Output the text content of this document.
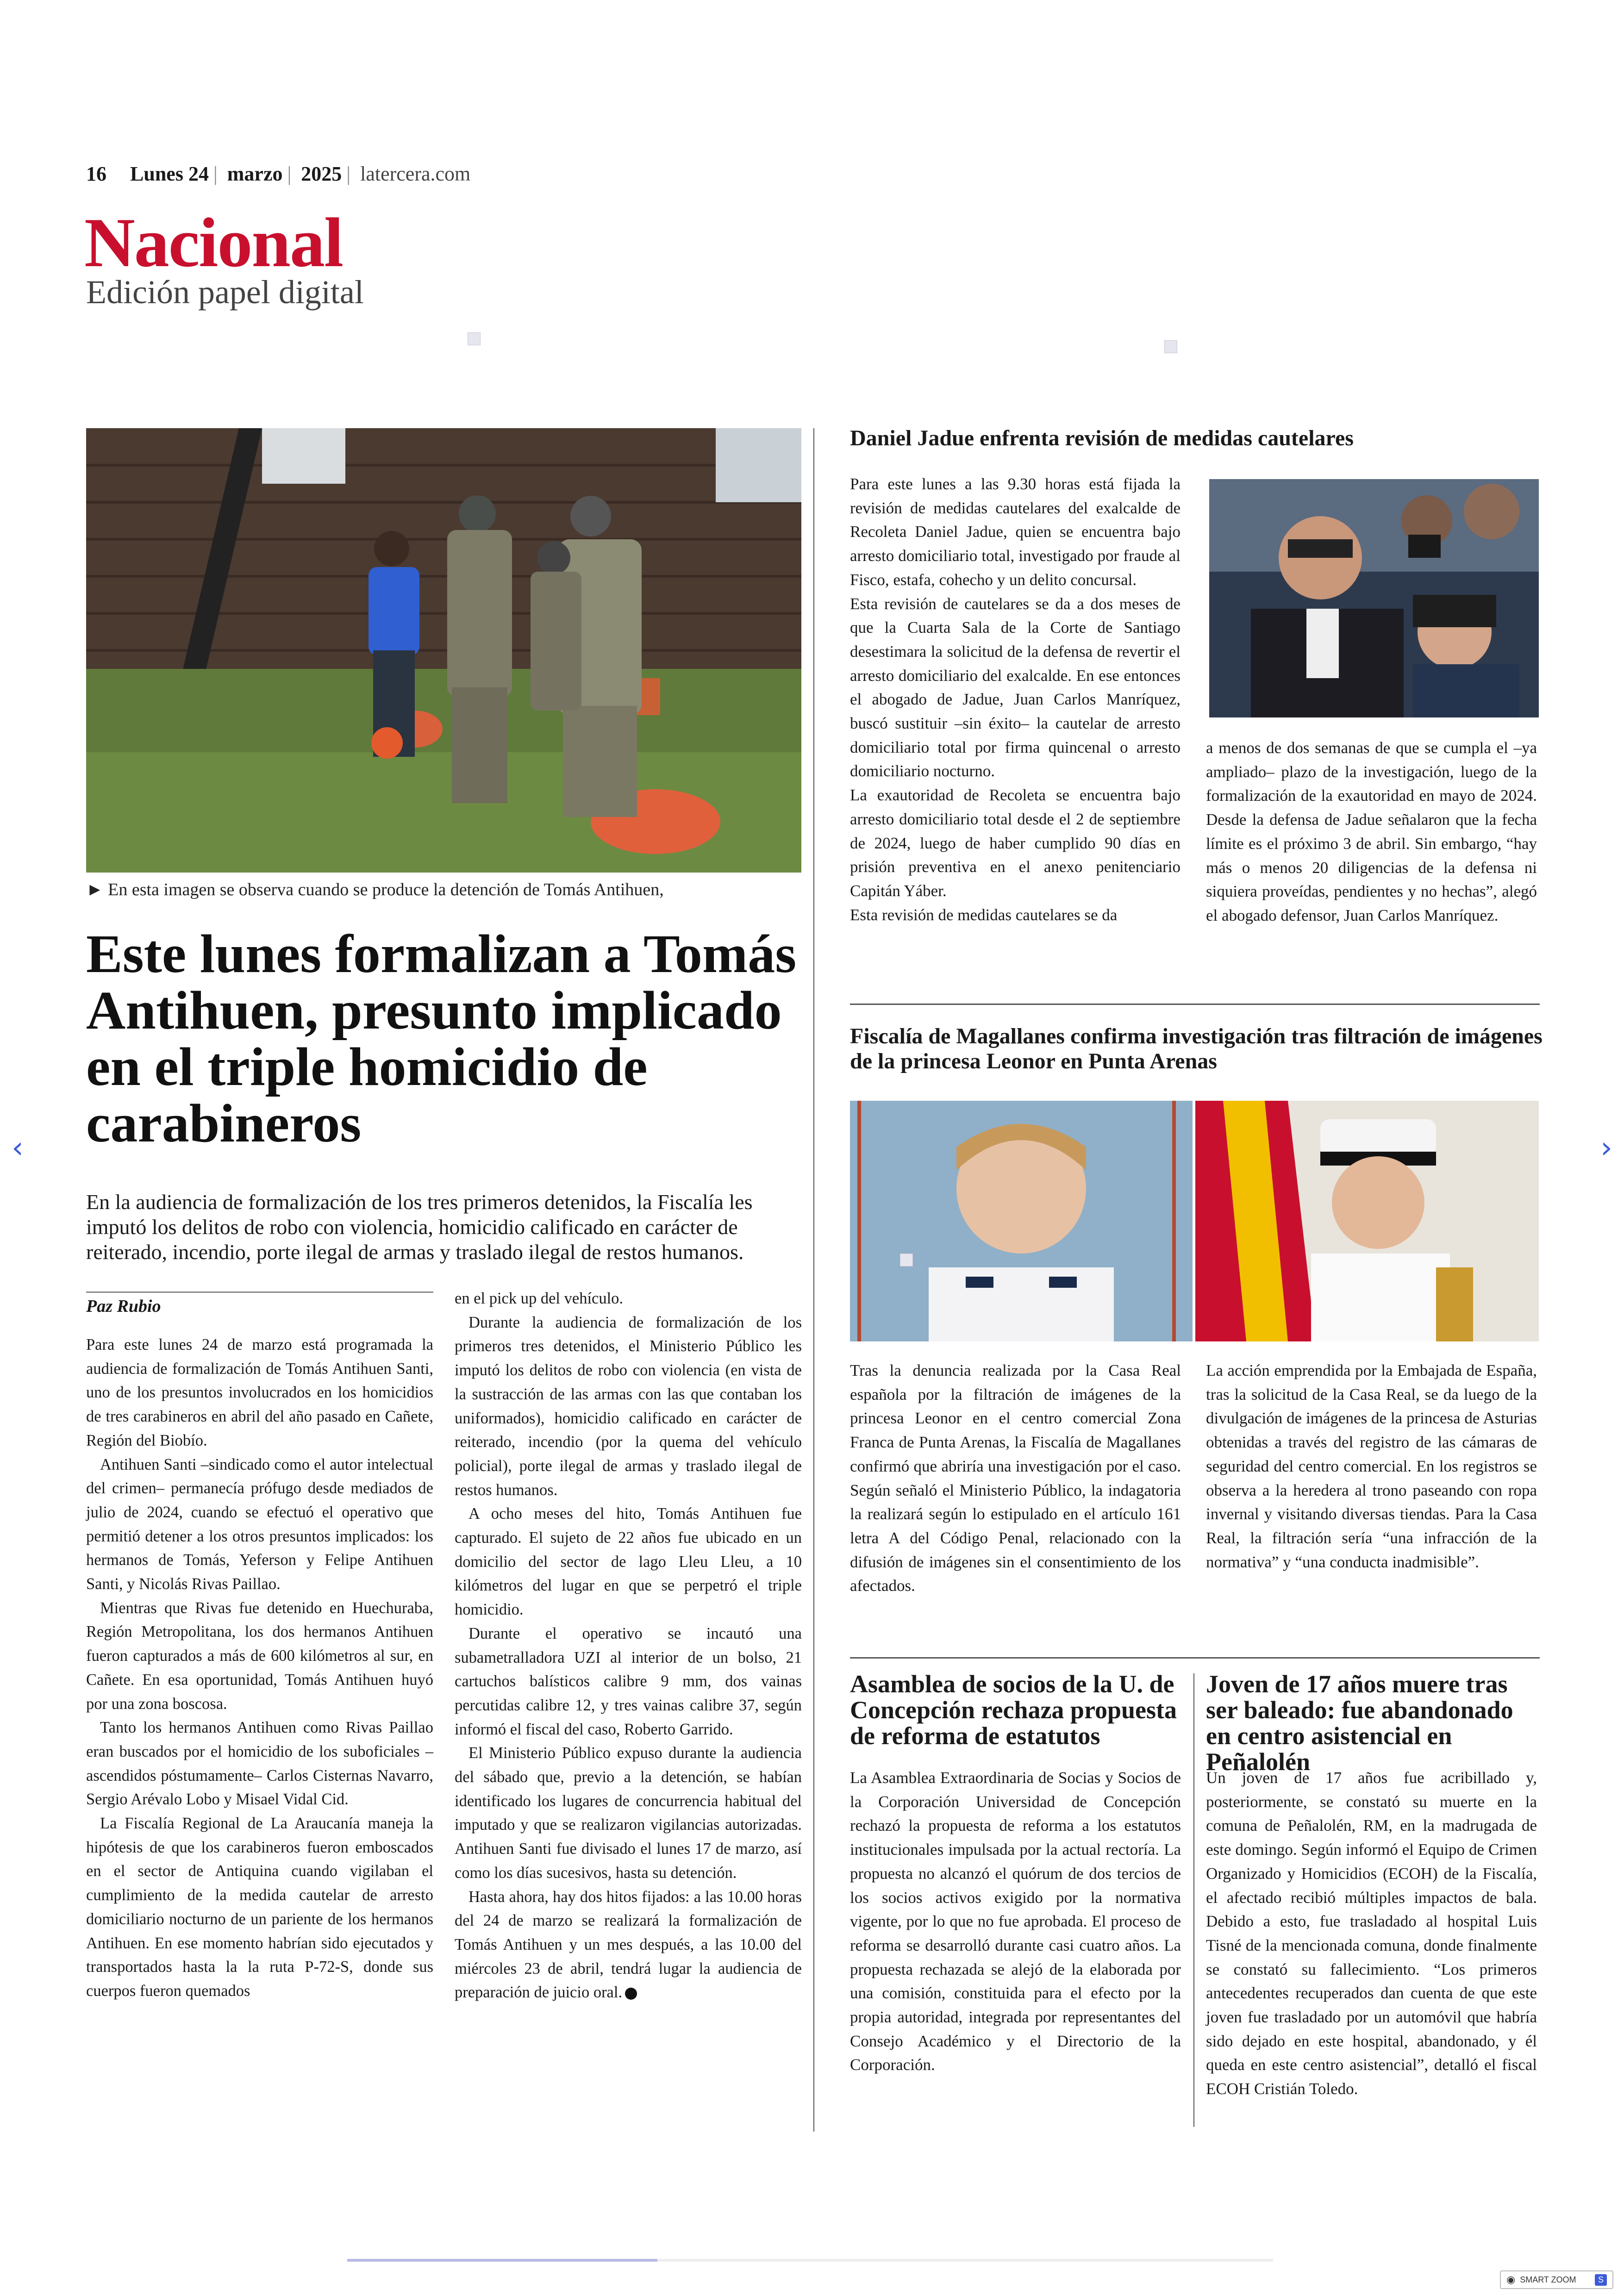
16 Lunes 24 | marzo | 2025 | latercera.com
Nacional
Edición papel digital
► En esta imagen se observa cuando se produce la detención de Tomás Antihuen,
Este lunes formalizan a Tomás Antihuen, presunto implicado en el triple homicidio de carabineros
En la audiencia de formalización de los tres primeros detenidos, la Fiscalía les imputó los delitos de robo con violencia, homicidio calificado en carácter de reiterado, incendio, porte ilegal de armas y traslado ilegal de restos humanos.
Paz Rubio

Para este lunes 24 de marzo está programada la audiencia de formalización de Tomás Antihuen Santi, uno de los presuntos involucrados en los homicidios de tres carabineros en abril del año pasado en Cañete, Región del Biobío.

Antihuen Santi –sindicado como el autor intelectual del crimen– permanecía prófugo desde mediados de julio de 2024, cuando se efectuó el operativo que permitió detener a los otros presuntos implicados: los hermanos de Tomás, Yeferson y Felipe Antihuen Santi, y Nicolás Rivas Paillao.

Mientras que Rivas fue detenido en Huechuraba, Región Metropolitana, los dos hermanos Antihuen fueron capturados a más de 600 kilómetros al sur, en Cañete. En esa oportunidad, Tomás Antihuen huyó por una zona boscosa.

Tanto los hermanos Antihuen como Rivas Paillao eran buscados por el homicidio de los suboficiales –ascendidos póstumamente– Carlos Cisternas Navarro, Sergio Arévalo Lobo y Misael Vidal Cid.

La Fiscalía Regional de La Araucanía maneja la hipótesis de que los carabineros fueron emboscados en el sector de Antiquina cuando vigilaban el cumplimiento de la medida cautelar de arresto domiciliario nocturno de un pariente de los hermanos Antihuen. En ese momento habrían sido ejecutados y transportados hasta la la ruta P-72-S, donde sus cuerpos fueron quemados

en el pick up del vehículo.

Durante la audiencia de formalización de los primeros tres detenidos, el Ministerio Público les imputó los delitos de robo con violencia (en vista de la sustracción de las armas con las que contaban los uniformados), homicidio calificado en carácter de reiterado, incendio (por la quema del vehículo policial), porte ilegal de armas y traslado ilegal de restos humanos.

A ocho meses del hito, Tomás Antihuen fue capturado. El sujeto de 22 años fue ubicado en un domicilio del sector de lago Lleu Lleu, a 10 kilómetros del lugar en que se perpetró el triple homicidio.

Durante el operativo se incautó una subametralladora UZI al interior de un bolso, 21 cartuchos balísticos calibre 9 mm, dos vainas percutidas calibre 12, y tres vainas calibre 37, según informó el fiscal del caso, Roberto Garrido.

El Ministerio Público expuso durante la audiencia del sábado que, previo a la detención, se habían identificado los lugares de concurrencia habitual del imputado y que se realizaron vigilancias autorizadas. Antihuen Santi fue divisado el lunes 17 de marzo, así como los días sucesivos, hasta su detención.

Hasta ahora, hay dos hitos fijados: a las 10.00 horas del 24 de marzo se realizará la formalización de Tomás Antihuen y un mes después, a las 10.00 del miércoles 23 de abril, tendrá lugar la audiencia de preparación de juicio oral.

Daniel Jadue enfrenta revisión de medidas cautelares

Para este lunes a las 9.30 horas está fijada la revisión de medidas cautelares del exalcalde de Recoleta Daniel Jadue, quien se encuentra bajo arresto domiciliario total, investigado por fraude al Fisco, estafa, cohecho y un delito concursal.

Esta revisión de cautelares se da a dos meses de que la Cuarta Sala de la Corte de Santiago desestimara la solicitud de la defensa de revertir el arresto domiciliario del exalcalde. En ese entonces el abogado de Jadue, Juan Carlos Manríquez, buscó sustituir –sin éxito– la cautelar de arresto domiciliario total por firma quincenal o arresto domiciliario nocturno.

La exautoridad de Recoleta se encuentra bajo arresto domiciliario total desde el 2 de septiembre de 2024, luego de haber cumplido 90 días en prisión preventiva en el anexo penitenciario Capitán Yáber.

Esta revisión de medidas cautelares se da

a menos de dos semanas de que se cumpla el –ya ampliado– plazo de la investigación, luego de la formalización de la exautoridad en mayo de 2024. Desde la defensa de Jadue señalaron que la fecha límite es el próximo 3 de abril. Sin embargo, “hay más o menos 20 diligencias de la defensa ni siquiera proveídas, pendientes y no hechas”, alegó el abogado defensor, Juan Carlos Manríquez.

Fiscalía de Magallanes confirma investigación tras filtración de imágenes de la princesa Leonor en Punta Arenas
Tras la denuncia realizada por la Casa Real española por la filtración de imágenes de la princesa Leonor en el centro comercial Zona Franca de Punta Arenas, la Fiscalía de Magallanes confirmó que abriría una investigación por el caso. Según señaló el Ministerio Público, la indagatoria la realizará según lo estipulado en el artículo 161 letra A del Código Penal, relacionado con la difusión de imágenes sin el consentimiento de los afectados.
La acción emprendida por la Embajada de España, tras la solicitud de la Casa Real, se da luego de la divulgación de imágenes de la princesa de Asturias obtenidas a través del registro de las cámaras de seguridad del centro comercial. En los registros se observa a la heredera al trono paseando con ropa invernal y visitando diversas tiendas. Para la Casa Real, la filtración sería “una infracción de la normativa” y “una conducta inadmisible”.
Asamblea de socios de la U. de Concepción rechaza propuesta de reforma de estatutos
La Asamblea Extraordinaria de Socias y Socios de la Corporación Universidad de Concepción rechazó la propuesta de reforma a los estatutos institucionales impulsada por la actual rectoría. La propuesta no alcanzó el quórum de dos tercios de los socios activos exigido por la normativa vigente, por lo que no fue aprobada. El proceso de reforma se desarrolló durante casi cuatro años. La propuesta rechazada se alejó de la elaborada por una comisión, constituida para el efecto por la propia autoridad, integrada por representantes del Consejo Académico y el Directorio de la Corporación.
Joven de 17 años muere tras ser baleado: fue abandonado en centro asistencial en Peñalolén
Un joven de 17 años fue acribillado y, posteriormente, se constató su muerte en la comuna de Peñalolén, RM, en la madrugada de este domingo. Según informó el Equipo de Crimen Organizado y Homicidios (ECOH) de la Fiscalía, el afectado recibió múltiples impactos de bala. Debido a esto, fue trasladado al hospital Luis Tisné de la mencionada comuna, donde finalmente se constató su fallecimiento. “Los primeros antecedentes recuperados dan cuenta de que este joven fue trasladado por un automóvil que habría sido dejado en este hospital, abandonado, y él queda en este centro asistencial”, detalló el fiscal ECOH Cristián Toledo.
‹	›
◉ SMART ZOOM	S
